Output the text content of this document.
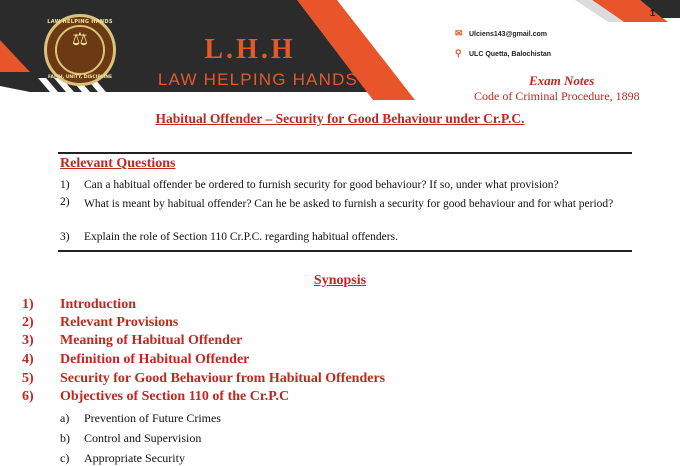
LAW HELPING HANDS
⚖
FAITH, UNITY, DISCIPLINE
L.H.H
LAW HELPING HANDS
✉ Ulciens143@gmail.com
⚲ ULC Quetta, Balochistan
1
Exam Notes
Code of Criminal Procedure, 1898
Habitual Offender – Security for Good Behaviour under Cr.P.C.
Relevant Questions
1) Can a habitual offender be ordered to furnish security for good behaviour? If so, under what provision?
2) What is meant by habitual offender? Can he be asked to furnish a security for good behaviour and for what period?
3) Explain the role of Section 110 Cr.P.C. regarding habitual offenders.
Synopsis
1) Introduction
2) Relevant Provisions
3) Meaning of Habitual Offender
4) Definition of Habitual Offender
5) Security for Good Behaviour from Habitual Offenders
6) Objectives of Section 110 of the Cr.P.C
a) Prevention of Future Crimes
b) Control and Supervision
c) Appropriate Security
